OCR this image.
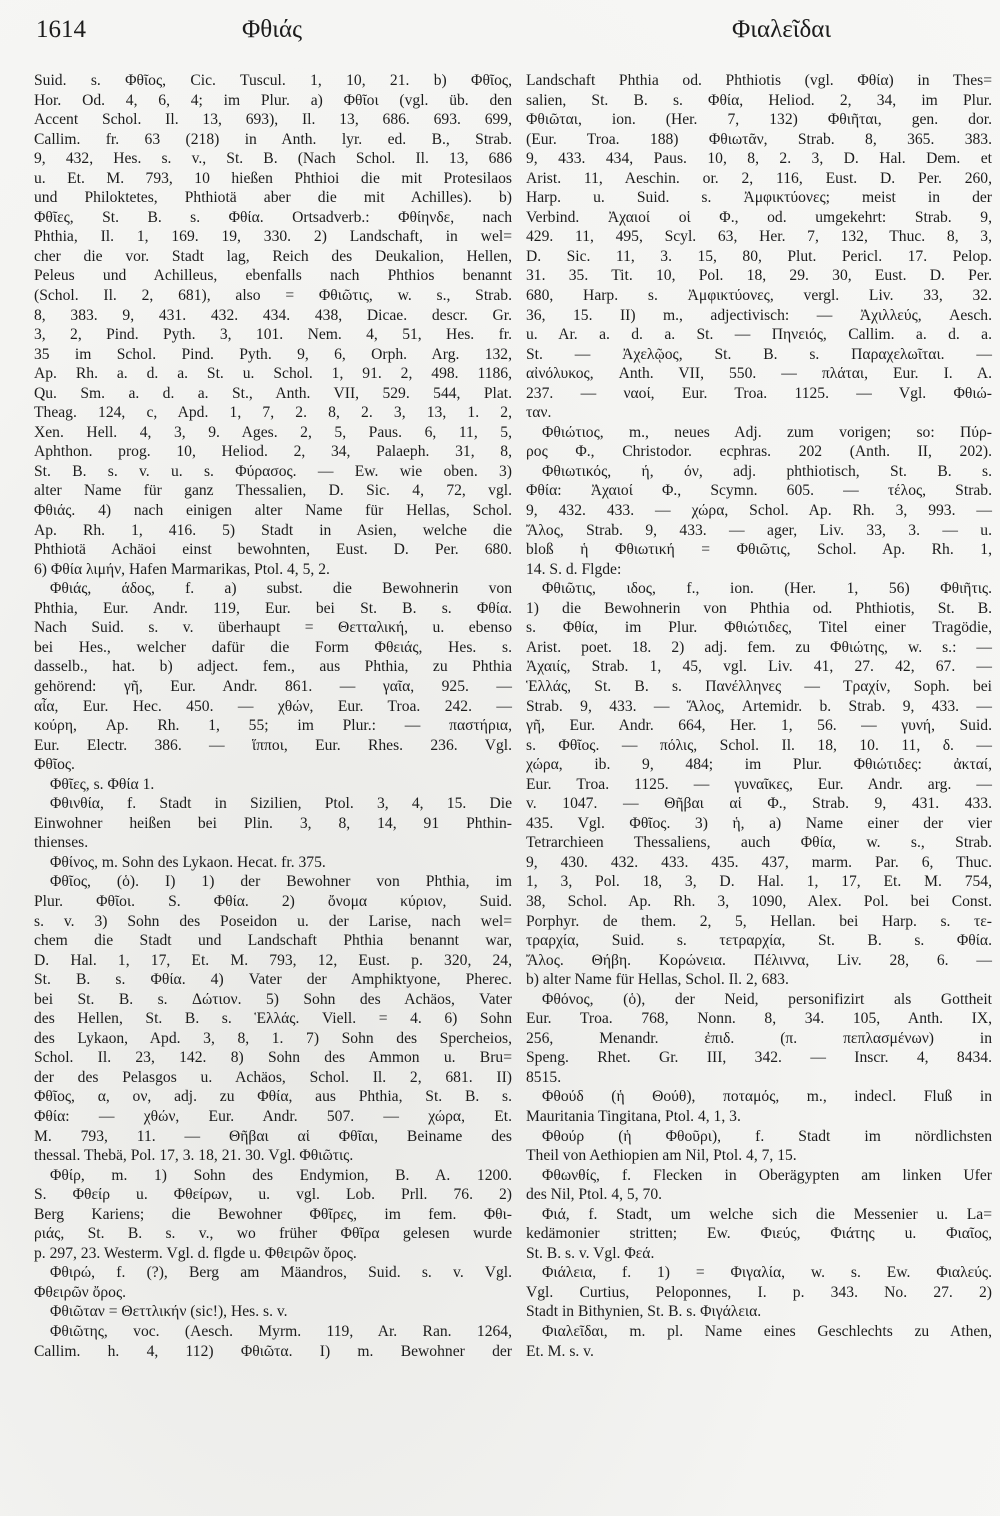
1614	Φθιάς	Φιαλεῖδαι
Suid. s. Φθῖος, Cic. Tuscul. 1, 10, 21. b) Φθῖος,
Hor. Od. 4, 6, 4; im Plur. a) Φθῖοι (vgl. üb. den
Accent Schol. Il. 13, 693), Il. 13, 686. 693. 699,
Callim. fr. 63 (218) in Anth. lyr. ed. B., Strab.
9, 432, Hes. s. v., St. B. (Nach Schol. Il. 13, 686
u. Et. M. 793, 10 hießen Phthioi die mit Protesilaos
und Philoktetes, Phthiotä aber die mit Achilles). b)
Φθῖες, St. B. s. Φθία. Ortsadverb.: Φθίηνδε, nach
Phthia, Il. 1, 169. 19, 330. 2) Landschaft, in wel=
cher die vor. Stadt lag, Reich des Deukalion, Hellen,
Peleus und Achilleus, ebenfalls nach Phthios benannt
(Schol. Il. 2, 681), also = Φθιῶτις, w. s., Strab.
8, 383. 9, 431. 432. 434. 438, Dicae. descr. Gr.
3, 2, Pind. Pyth. 3, 101. Nem. 4, 51, Hes. fr.
35 im Schol. Pind. Pyth. 9, 6, Orph. Arg. 132,
Ap. Rh. a. d. a. St. u. Schol. 1, 91. 2, 498. 1186,
Qu. Sm. a. d. a. St., Anth. VII, 529. 544, Plat.
Theag. 124, c, Apd. 1, 7, 2. 8, 2. 3, 13, 1. 2,
Xen. Hell. 4, 3, 9. Ages. 2, 5, Paus. 6, 11, 5,
Aphthon. prog. 10, Heliod. 2, 34, Palaeph. 31, 8,
St. B. s. v. u. s. Φύρασος. — Ew. wie oben. 3)
alter Name für ganz Thessalien, D. Sic. 4, 72, vgl.
Φθιάς. 4) nach einigen alter Name für Hellas, Schol.
Ap. Rh. 1, 416. 5) Stadt in Asien, welche die
Phthiotä Achäoi einst bewohnten, Eust. D. Per. 680.
6) Φθία λιμήν, Hafen Marmarikas, Ptol. 4, 5, 2.
Φθιάς, άδος, f. a) subst. die Bewohnerin von
Phthia, Eur. Andr. 119, Eur. bei St. B. s. Φθία.
Nach Suid. s. v. überhaupt = Θετταλική, u. ebenso
bei Hes., welcher dafür die Form Φθειάς, Hes. s.
dasselb., hat. b) adject. fem., aus Phthia, zu Phthia
gehörend: γῆ, Eur. Andr. 861. — γαῖα, 925. —
αἶα, Eur. Hec. 450. — χθών, Eur. Troa. 242. —
κούρη, Ap. Rh. 1, 55; im Plur.: — παστήρια,
Eur. Electr. 386. — ἵπποι, Eur. Rhes. 236. Vgl.
Φθῖος.
Φθῖες, s. Φθία 1.
Φθινθία, f. Stadt in Sizilien, Ptol. 3, 4, 15. Die
Einwohner heißen bei Plin. 3, 8, 14, 91 Phthin-
thienses.
Φθίνος, m. Sohn des Lykaon. Hecat. fr. 375.
Φθῖος, (ὁ). I) 1) der Bewohner von Phthia, im
Plur. Φθῖοι. S. Φθία. 2) ὄνομα κύριον, Suid.
s. v. 3) Sohn des Poseidon u. der Larise, nach wel=
chem die Stadt und Landschaft Phthia benannt war,
D. Hal. 1, 17, Et. M. 793, 12, Eust. p. 320, 24,
St. B. s. Φθία. 4) Vater der Amphiktyone, Pherec.
bei St. B. s. Δώτιον. 5) Sohn des Achäos, Vater
des Hellen, St. B. s. Ἑλλάς. Viell. = 4. 6) Sohn
des Lykaon, Apd. 3, 8, 1. 7) Sohn des Spercheios,
Schol. Il. 23, 142. 8) Sohn des Ammon u. Bru=
der des Pelasgos u. Achäos, Schol. Il. 2, 681. II)
Φθῖος, α, ον, adj. zu Φθία, aus Phthia, St. B. s.
Φθία: — χθών, Eur. Andr. 507. — χώρα, Et.
M. 793, 11. — Θῆβαι αἱ Φθῖαι, Beiname des
thessal. Thebä, Pol. 17, 3. 18, 21. 30. Vgl. Φθιῶτις.
Φθίρ, m. 1) Sohn des Endymion, B. A. 1200.
S. Φθείρ u. Φθείρων, u. vgl. Lob. Prll. 76. 2)
Berg Kariens; die Bewohner Φθῖρες, im fem. Φθι-
ριάς, St. B. s. v., wo früher Φθῖρα gelesen wurde
p. 297, 23. Westerm. Vgl. d. flgde u. Φθειρῶν ὄρος.
Φθιρώ, f. (?), Berg am Mäandros, Suid. s. v. Vgl.
Φθειρῶν ὄρος.
Φθιῶταν = Θεττλικήν (sic!), Hes. s. v.
Φθιῶτης, voc. (Aesch. Myrm. 119, Ar. Ran. 1264,
Callim. h. 4, 112) Φθιῶτα. I) m. Bewohner der
Landschaft Phthia od. Phthiotis (vgl. Φθία) in Thes=
salien, St. B. s. Φθία, Heliod. 2, 34, im Plur.
Φθιῶται, ion. (Her. 7, 132) Φθιῆται, gen. dor.
(Eur. Troa. 188) Φθιωτᾶν, Strab. 8, 365. 383.
9, 433. 434, Paus. 10, 8, 2. 3, D. Hal. Dem. et
Arist. 11, Aeschin. or. 2, 116, Eust. D. Per. 260,
Harp. u. Suid. s. Ἀμφικτύονες; meist in der
Verbind. Ἀχαιοί οἱ Φ., od. umgekehrt: Strab. 9,
429. 11, 495, Scyl. 63, Her. 7, 132, Thuc. 8, 3,
D. Sic. 11, 3. 15, 80, Plut. Pericl. 17. Pelop.
31. 35. Tit. 10, Pol. 18, 29. 30, Eust. D. Per.
680, Harp. s. Ἀμφικτύονες, vergl. Liv. 33, 32.
36, 15. II) m., adjectivisch: — Ἀχιλλεύς, Aesch.
u. Ar. a. d. a. St. — Πηνειός, Callim. a. d. a.
St. — Ἀχελῷος, St. B. s. Παραχελωῖται. —
αἰνόλυκος, Anth. VII, 550. — πλάται, Eur. I. A.
237. — ναοί, Eur. Troa. 1125. — Vgl. Φθιώ-
ταν.
Φθιώτιος, m., neues Adj. zum vorigen; so: Πύρ-
ρος Φ., Christodor. ecphras. 202 (Anth. II, 202).
Φθιωτικός, ή, όν, adj. phthiotisch, St. B. s.
Φθία: Ἀχαιοί Φ., Scymn. 605. — τέλος, Strab.
9, 432. 433. — χώρα, Schol. Ap. Rh. 3, 993. —
Ἄλος, Strab. 9, 433. — ager, Liv. 33, 3. — u.
bloß ἡ Φθιωτική = Φθιῶτις, Schol. Ap. Rh. 1,
14. S. d. Flgde:
Φθιῶτις, ιδος, f., ion. (Her. 1, 56) Φθιῆτις.
1) die Bewohnerin von Phthia od. Phthiotis, St. B.
s. Φθία, im Plur. Φθιώτιδες, Titel einer Tragödie,
Arist. poet. 18. 2) adj. fem. zu Φθιώτης, w. s.: —
Ἀχαιίς, Strab. 1, 45, vgl. Liv. 41, 27. 42, 67. —
Ἑλλάς, St. B. s. Πανέλληνες — Τραχίν, Soph. bei
Strab. 9, 433. — Ἅλος, Artemidr. b. Strab. 9, 433. —
γῆ, Eur. Andr. 664, Her. 1, 56. — γυνή, Suid.
s. Φθῖος. — πόλις, Schol. Il. 18, 10. 11, δ. —
χώρα, ib. 9, 484; im Plur. Φθιώτιδες: ἀκταί,
Eur. Troa. 1125. — γυναῖκες, Eur. Andr. arg. —
v. 1047. — Θῆβαι αἱ Φ., Strab. 9, 431. 433.
435. Vgl. Φθῖος. 3) ἡ, a) Name einer der vier
Tetrarchieen Thessaliens, auch Φθία, w. s., Strab.
9, 430. 432. 433. 435. 437, marm. Par. 6, Thuc.
1, 3, Pol. 18, 3, D. Hal. 1, 17, Et. M. 754,
38, Schol. Ap. Rh. 3, 1090, Alex. Pol. bei Const.
Porphyr. de them. 2, 5, Hellan. bei Harp. s. τε-
τραρχία, Suid. s. τετραρχία, St. B. s. Φθία.
Ἄλος. Θήβη. Κορώνεια. Πέλιννα, Liv. 28, 6. —
b) alter Name für Hellas, Schol. Il. 2, 683.
Φθόνος, (ὁ), der Neid, personifizirt als Gottheit
Eur. Troa. 768, Nonn. 8, 34. 105, Anth. IX,
256, Menandr. ἐπιδ. (π. πεπλασμένων) in
Speng. Rhet. Gr. III, 342. — Inscr. 4, 8434.
8515.
Φθούδ (ἡ Θούθ), ποταμός, m., indecl. Fluß in
Mauritania Tingitana, Ptol. 4, 1, 3.
Φθούρ (ἡ Φθοῦρι), f. Stadt im nördlichsten
Theil von Aethiopien am Nil, Ptol. 4, 7, 15.
Φθωνθίς, f. Flecken in Oberägypten am linken Ufer
des Nil, Ptol. 4, 5, 70.
Φιά, f. Stadt, um welche sich die Messenier u. La=
kedämonier stritten; Ew. Φιεύς, Φιάτης u. Φιαῖος,
St. B. s. v. Vgl. Φεά.
Φιάλεια, f. 1) = Φιγαλία, w. s. Ew. Φιαλεύς.
Vgl. Curtius, Peloponnes, I. p. 343. No. 27. 2)
Stadt in Bithynien, St. B. s. Φιγάλεια.
Φιαλεῖδαι, m. pl. Name eines Geschlechts zu Athen,
Et. M. s. v.
